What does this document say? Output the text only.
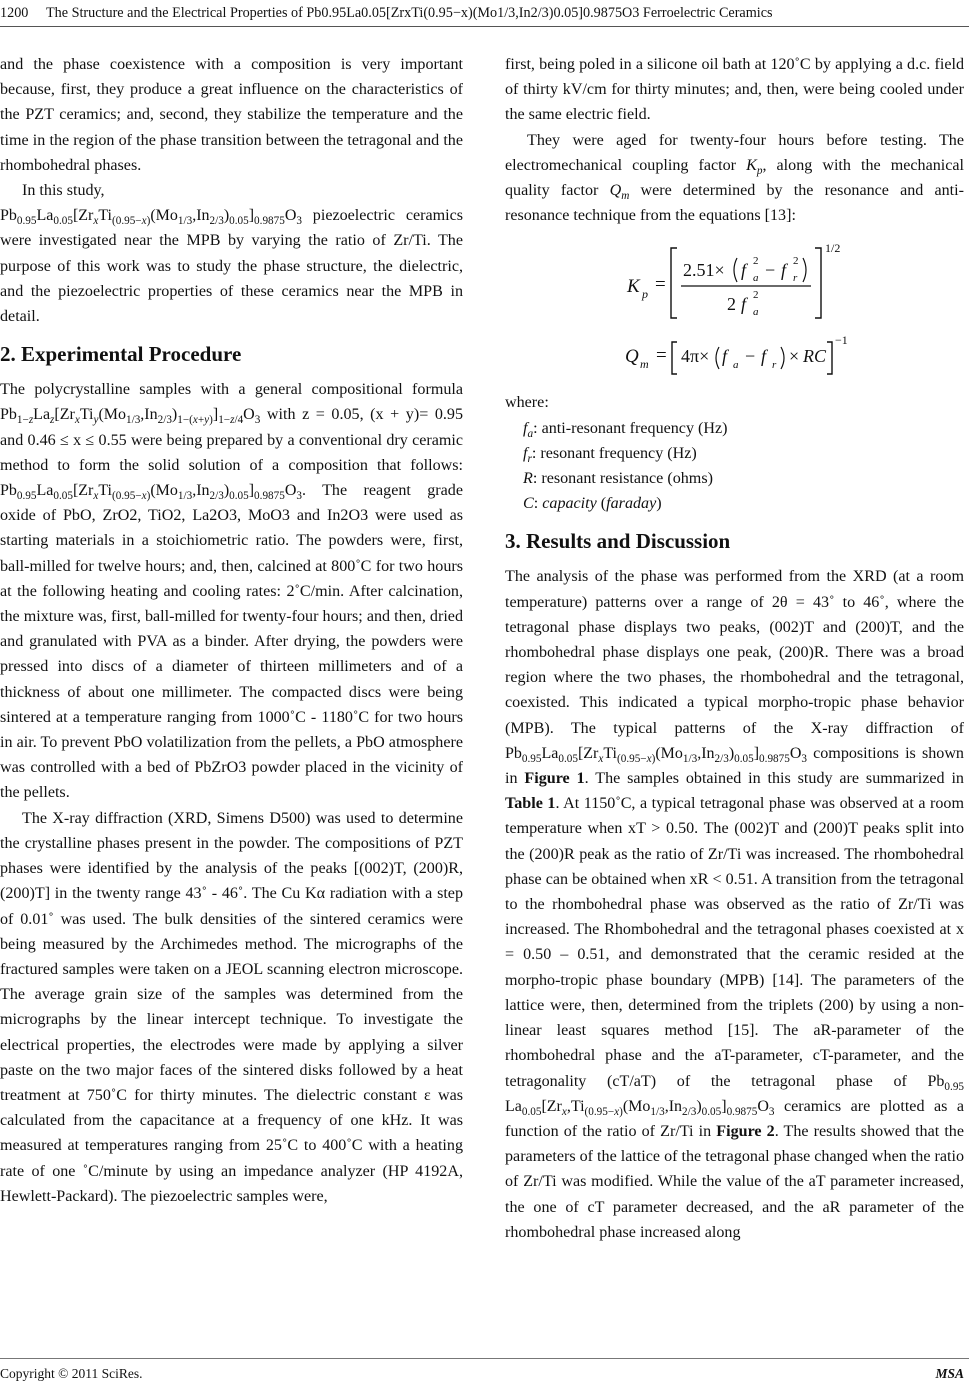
1200 The Structure and the Electrical Properties of Pb0.95La0.05[ZrxTi(0.95−x)(Mo1/3,In2/3)0.05]0.9875O3 Ferroelectric Ceramics

and the phase coexistence with a composition is very important because, first, they produce a great influence on the characteristics of the PZT ceramics; and, second, they stabilize the temperature and the time in the region of the phase transition between the tetragonal and the rhombohedral phases.

In this study,

$Pb_{0.95}La_{0.05}[Zr_xTi_{(0.95-x)}(Mo_{1/3},In_{2/3})_{0.05}]_{0.9875}O_3$ piezoelectric ceramics were investigated near the MPB by varying the ratio of Zr/Ti. The purpose of this work was to study the phase structure, the dielectric, and the piezoelectric properties of these ceramics near the MPB in detail.

2. Experimental Procedure

The polycrystalline samples with a general compositional formula $Pb_{1-z}La_z[Zr_xTi_y(Mo_{1/3},In_{2/3})_{1-(x+y)}]_{1-z/4}O_3$ with z = 0.05, (x + y)= 0.95 and 0.46 ≤ x ≤ 0.55 were being prepared by a conventional dry ceramic method to form the solid solution of a composition that follows: $Pb_{0.95}La_{0.05}[Zr_xTi_{(0.95-x)}(Mo_{1/3},In_{2/3})_{0.05}]_{0.9875}O_3$. The reagent grade oxide of PbO, ZrO2, TiO2, La2O3, MoO3 and In2O3 were used as starting materials in a stoichiometric ratio. The powders were, first, ball-milled for twelve hours; and, then, calcined at 800˚C for two hours at the following heating and cooling rates: 2˚C/min. After calcination, the mixture was, first, ball-milled for twenty-four hours; and then, dried and granulated with PVA as a binder. After drying, the powders were pressed into discs of a diameter of thirteen millimeters and of a thickness of about one millimeter. The compacted discs were being sintered at a temperature ranging from 1000˚C - 1180˚C for two hours in air. To prevent PbO volatilization from the pellets, a PbO atmosphere was controlled with a bed of PbZrO3 powder placed in the vicinity of the pellets.

The X-ray diffraction (XRD, Simens D500) was used to determine the crystalline phases present in the powder. The compositions of PZT phases were identified by the analysis of the peaks [(002)T, (200)R, (200)T] in the twenty range 43˚ - 46˚. The Cu Kα radiation with a step of 0.01˚ was used. The bulk densities of the sintered ceramics were being measured by the Archimedes method. The micrographs of the fractured samples were taken on a JEOL scanning electron microscope. The average grain size of the samples was determined from the micrographs by the linear intercept technique. To investigate the electrical properties, the electrodes were made by applying a silver paste on the two major faces of the sintered disks followed by a heat treatment at 750˚C for thirty minutes. The dielectric constant ε was calculated from the capacitance at a frequency of one kHz. It was measured at temperatures ranging from 25˚C to 400˚C with a heating rate of one ˚C/minute by using an impedance analyzer (HP 4192A, Hewlett-Packard). The piezoelectric samples were,

first, being poled in a silicone oil bath at 120˚C by applying a d.c. field of thirty kV/cm for thirty minutes; and, then, were being cooled under the same electric field.

They were aged for twenty-four hours before testing. The electromechanical coupling factor $K_p$, along with the mechanical quality factor $Q_m$ were determined by the resonance and anti-resonance technique from the equations [13]:

K p =
1/2
2.51× f 2
a − f 2
r
2 f 2
a
Q m = 4π× f a − f r × RC
−1

where:

$f_a$: anti-resonant frequency (Hz)
$f_r$: resonant frequency (Hz)
R: resonant resistance (ohms)
C: capacity (faraday)
3. Results and Discussion

The analysis of the phase was performed from the XRD (at a room temperature) patterns over a range of 2θ = 43˚ to 46˚, where the tetragonal phase displays two peaks, (002)T and (200)T, and the rhombohedral phase displays one peak, (200)R. There was a broad region where the two phases, the rhombohedral and the tetragonal, coexisted. This indicated a typical morpho-tropic phase behavior (MPB). The typical patterns of the X-ray diffraction of $Pb_{0.95}La_{0.05}[Zr_xTi_{(0.95-x)}(Mo_{1/3},In_{2/3})_{0.05}]_{0.9875}O_3$ compositions is shown in Figure 1. The samples obtained in this study are summarized in Table 1. At 1150˚C, a typical tetragonal phase was observed at a room temperature when xT > 0.50. The (002)T and (200)T peaks split into the (200)R peak as the ratio of Zr/Ti was increased. The rhombohedral phase can be obtained when xR < 0.51. A transition from the tetragonal to the rhombohedral phase was observed as the ratio of Zr/Ti was increased. The Rhombohedral and the tetragonal phases coexisted at x = 0.50 – 0.51, and demonstrated that the ceramic resided at the morpho-tropic phase boundary (MPB) [14]. The parameters of the lattice were, then, determined from the triplets (200) by using a non-linear least squares method [15]. The aR-parameter of the rhombohedral phase and the aT-parameter, cT-parameter, and the tetragonality (cT/aT) of the tetragonal phase of $Pb_{0.95}$ $La_{0.05}[Zr_x,Ti_{(0.95-x)}(Mo_{1/3},In_{2/3})_{0.05}]_{0.9875}O_3$ ceramics are plotted as a function of the ratio of Zr/Ti in Figure 2. The results showed that the parameters of the lattice of the tetragonal phase changed when the ratio of Zr/Ti was modified. While the value of the aT parameter increased, the one of cT parameter decreased, and the aR parameter of the rhombohedral phase increased along

Copyright © 2011 SciRes.	MSA
